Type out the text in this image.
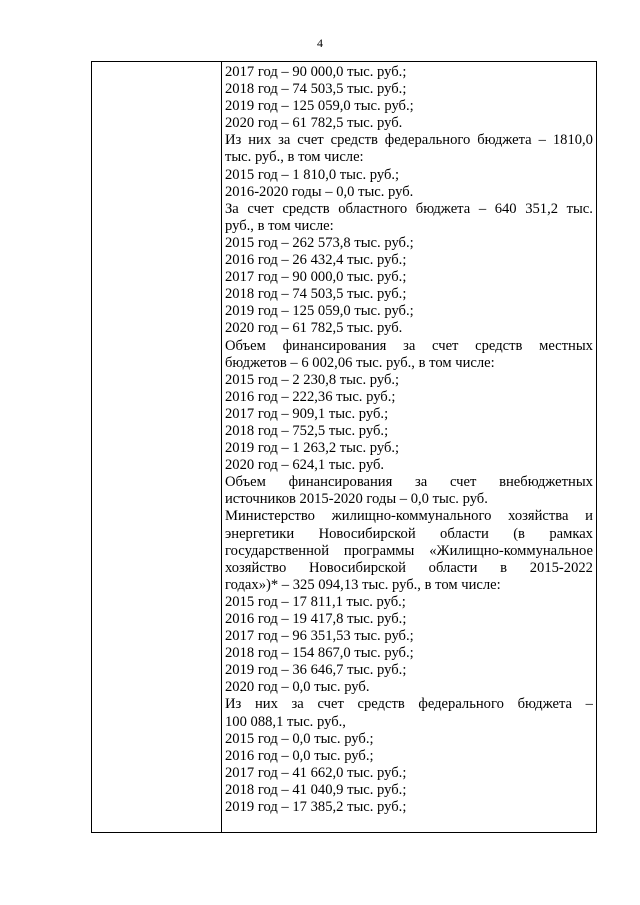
4
2017 год – 90 000,0 тыс. руб.;
2018 год – 74 503,5 тыс. руб.;
2019 год – 125 059,0 тыс. руб.;
2020 год – 61 782,5 тыс. руб.
Из них за счет средств федерального бюджета – 1810,0
тыс. руб., в том числе:
2015 год – 1 810,0 тыс. руб.;
2016-2020 годы – 0,0 тыс. руб.
За счет средств областного бюджета – 640 351,2 тыс.
руб., в том числе:
2015 год – 262 573,8 тыс. руб.;
2016 год – 26 432,4 тыс. руб.;
2017 год – 90 000,0 тыс. руб.;
2018 год – 74 503,5 тыс. руб.;
2019 год – 125 059,0 тыс. руб.;
2020 год – 61 782,5 тыс. руб.
Объем финансирования за счет средств местных
бюджетов – 6 002,06 тыс. руб., в том числе:
2015 год – 2 230,8 тыс. руб.;
2016 год – 222,36 тыс. руб.;
2017 год – 909,1 тыс. руб.;
2018 год – 752,5 тыс. руб.;
2019 год – 1 263,2 тыс. руб.;
2020 год – 624,1 тыс. руб.
Объем финансирования за счет внебюджетных
источников 2015-2020 годы – 0,0 тыс. руб.
Министерство жилищно-коммунального хозяйства и
энергетики Новосибирской области (в рамках
государственной программы «Жилищно-коммунальное
хозяйство Новосибирской области в 2015-2022
годах»)* – 325 094,13 тыс. руб., в том числе:
2015 год – 17 811,1 тыс. руб.;
2016 год – 19 417,8 тыс. руб.;
2017 год – 96 351,53 тыс. руб.;
2018 год – 154 867,0 тыс. руб.;
2019 год – 36 646,7 тыс. руб.;
2020 год – 0,0 тыс. руб.
Из них за счет средств федерального бюджета –
100 088,1 тыс. руб.,
2015 год – 0,0 тыс. руб.;
2016 год – 0,0 тыс. руб.;
2017 год – 41 662,0 тыс. руб.;
2018 год – 41 040,9 тыс. руб.;
2019 год – 17 385,2 тыс. руб.;
